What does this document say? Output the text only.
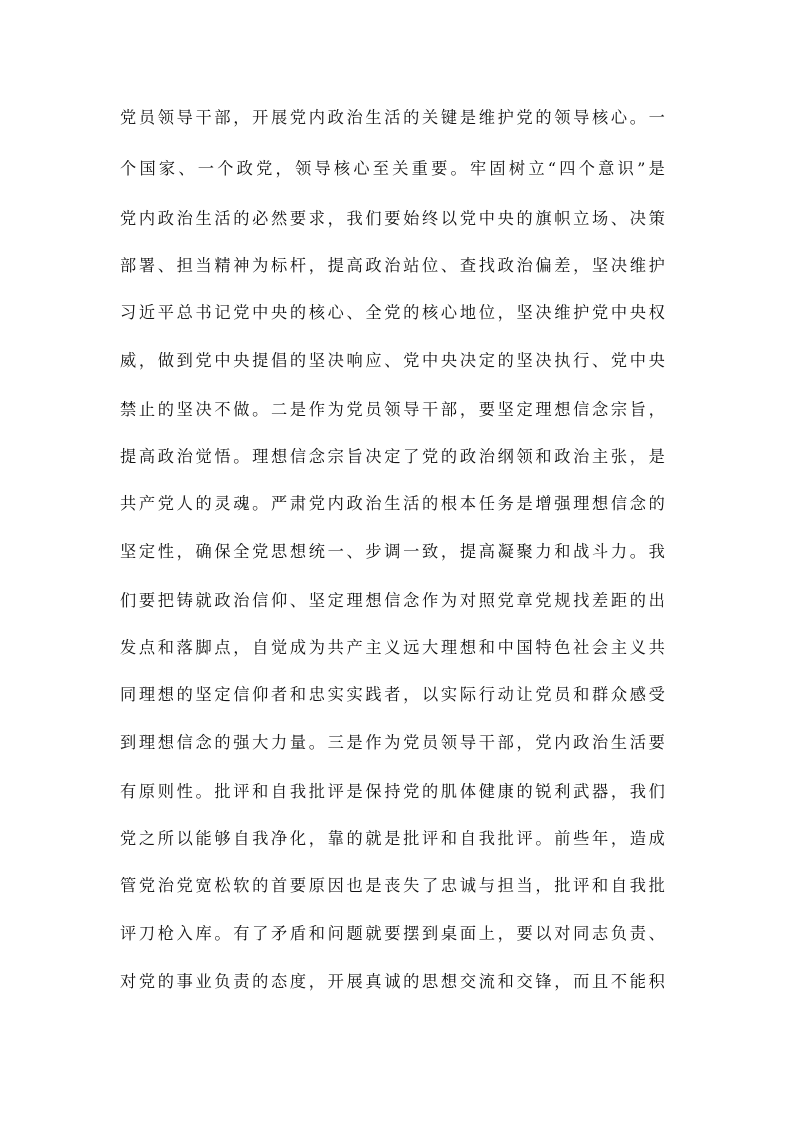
党员领导干部，开展党内政治生活的关键是维护党的领导核心。一
个国家、一个政党，领导核心至关重要。牢固树立“四个意识”是
党内政治生活的必然要求，我们要始终以党中央的旗帜立场、决策
部署、担当精神为标杆，提高政治站位、查找政治偏差，坚决维护
习近平总书记党中央的核心、全党的核心地位，坚决维护党中央权
威，做到党中央提倡的坚决响应、党中央决定的坚决执行、党中央
禁止的坚决不做。二是作为党员领导干部，要坚定理想信念宗旨，
提高政治觉悟。理想信念宗旨决定了党的政治纲领和政治主张，是
共产党人的灵魂。严肃党内政治生活的根本任务是增强理想信念的
坚定性，确保全党思想统一、步调一致，提高凝聚力和战斗力。我
们要把铸就政治信仰、坚定理想信念作为对照党章党规找差距的出
发点和落脚点，自觉成为共产主义远大理想和中国特色社会主义共
同理想的坚定信仰者和忠实实践者，以实际行动让党员和群众感受
到理想信念的强大力量。三是作为党员领导干部，党内政治生活要
有原则性。批评和自我批评是保持党的肌体健康的锐利武器，我们
党之所以能够自我净化，靠的就是批评和自我批评。前些年，造成
管党治党宽松软的首要原因也是丧失了忠诚与担当，批评和自我批
评刀枪入库。有了矛盾和问题就要摆到桌面上，要以对同志负责、
对党的事业负责的态度，开展真诚的思想交流和交锋，而且不能积
